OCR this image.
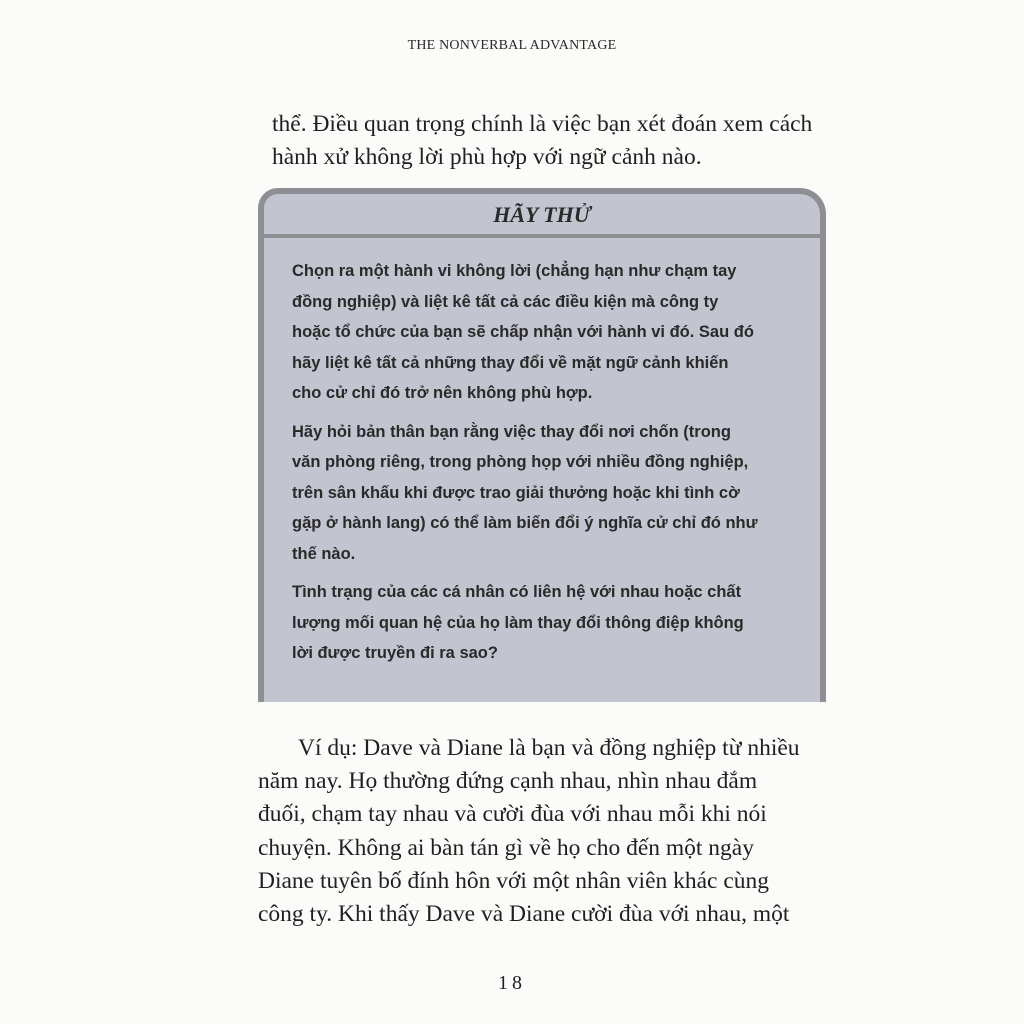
THE NONVERBAL ADVANTAGE
thể. Điều quan trọng chính là việc bạn xét đoán xem cách
hành xử không lời phù hợp với ngữ cảnh nào.
HÃY THỬ
Chọn ra một hành vi không lời (chẳng hạn như chạm tay
đồng nghiệp) và liệt kê tất cả các điều kiện mà công ty
hoặc tổ chức của bạn sẽ chấp nhận với hành vi đó. Sau đó
hãy liệt kê tất cả những thay đổi về mặt ngữ cảnh khiến
cho cử chỉ đó trở nên không phù hợp.
Hãy hỏi bản thân bạn rằng việc thay đổi nơi chốn (trong
văn phòng riêng, trong phòng họp với nhiều đồng nghiệp,
trên sân khấu khi được trao giải thưởng hoặc khi tình cờ
gặp ở hành lang) có thể làm biến đổi ý nghĩa cử chỉ đó như
thế nào.
Tình trạng của các cá nhân có liên hệ với nhau hoặc chất
lượng mối quan hệ của họ làm thay đổi thông điệp không
lời được truyền đi ra sao?
Ví dụ: Dave và Diane là bạn và đồng nghiệp từ nhiều
năm nay. Họ thường đứng cạnh nhau, nhìn nhau đắm
đuối, chạm tay nhau và cười đùa với nhau mỗi khi nói
chuyện. Không ai bàn tán gì về họ cho đến một ngày
Diane tuyên bố đính hôn với một nhân viên khác cùng
công ty. Khi thấy Dave và Diane cười đùa với nhau, một
18
